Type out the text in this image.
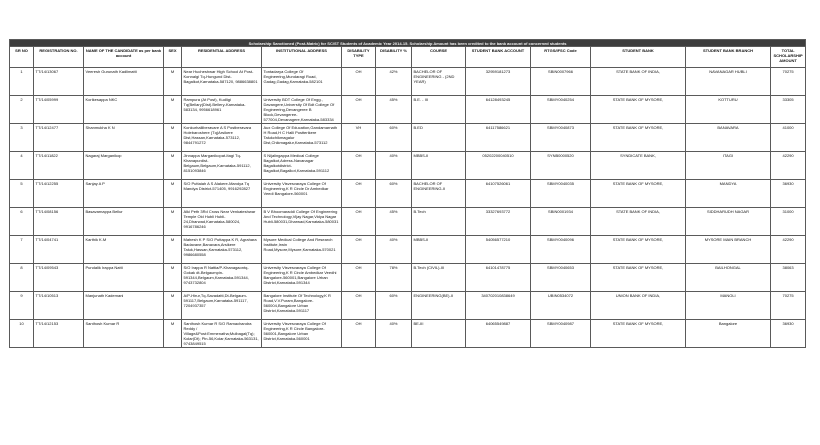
Scholarship Sanctioned (Post-Matric) for SC/ST Students of Academic Year 2014-15. Scholarship Amount has been credited to the bank account of concerned students													
SR NO	REGISTRATION NO.	NAME OF THE CANDIDATE as per bank account	SEX	RESIDENTIAL ADDRESS	INSTITUTIONAL ADDRESS	DISABILITY TYPE	DISABILITY %	COURSE	STUDENT BANK ACCOUNT	RTGS/IFSC Code	STUDENT BANK	STUDENT BANK BRANCH	TOTAL SCHOLARSHIP AMOUNT
1	TT/14/13067	Veeresh Gurunath Kadlimatti	M	Near Hucheshwar High School At Post- Konnalgi Tq-Hungund Dist-Bagalkot,Karnataka-587120, 9886638801	Tontadarya College Of Engineering,Mundaragi Road, Gadag,Gadag,Karnataka-582101	OH	42%	BACHELOR OF ENGINEERING - (2ND YEAR)	32959181273	SBIN0007966	STATE BANK OF INDIA,	NAVANAGAR HUBLI	70275
2	TT/14/05999	Korikesappa NKC	M	Rampura (At Post), Kudligi Tq(Bellary(Dist).Bellery-Karnataka-583134, 9956618961	University BDT College Of Engg., Davangere,University Of Bdt College Of Engineering,Devangeree B Block,Devangeree-577004,Devanagere,Karnataka-583334	OH	45%	B.E. - III	64128493245	SBMY0040254	STATE BANK OF MYSORE,	KOTTURU	33305
3	TT/14/12477	Shanmukha K N	M	Konkurhalliberavare A S Postberavara Holebaroshere (Tq)Arsikere Dist,Hassan,Karnataka-573112, 9844791272	Aux College Of Education,Gandamarnath H Road,H C Halli Postterikere Talukchikmagalur Dist,Chikmagalur,Karnataka-573112	VH	60%	B.ED	64117586621	SBMY0040873	STATE BANK OF MYSORE,	BANAVARA	41000
4	TT/14/11822	Nagaraj Marganikop	M	Jinnappa Marganikopat-Itagi Tq-Khanapurdist-Belgaum,Belgaum,Karnataka-591112, 8151093846	S Nijalingappa Medical College Bagalkot,Adress-Navanagar Bagalkotdistrict-Bagalkot,Bagalkot,Karnataka-591112	OH	40%	MBBS-II	05202200040510	SYNB0000520	SYNDICATE BANK,	ITAGI	42290
5	TT/14/12255	Sanjay A P	M	S/O Puttaiah A S Alakere-Mandya Tq Mandya District-571405, 9916292827	University Visvesvaraya College Of Engineering,K R Circle Dr Ambedkar Veedi Bangalore-560001	OH	60%	BACHELOR OF ENGINEERING-II	64107526061	SBMY0040035	STATE BANK OF MYSORE,	MANDYA	36930
6	TT/14/08156	Basavarnappa Bellur	M	Alki Peth 3Rd Cross Near Venkateshwar Temple Old Hubli Hubli-24,Dharwad,Karnataka-580024, 9916786246	B V Bhoomaraddi College Of Engineering And Technology,Vijay Nagar,Vidya Nagar Hubli-580031,Dharwad,Karnataka-580031	OH	45%	B.Tech	33327693772	SBIN0001934	STATE BANK OF INDIA,	SIDDHARUDH NAGAR	31000
7	TT/14/04741	Karthik K.M	M	Mahesh K P S/O Puttappa K R, Agrahara Badavane,Banavara,Arsikere Taluk,Hassan,Karnataka-573112, 9986680558	Mysore Medical College And Research Institute,Irwin Road,Mysore,Mysore,Karnataka-570021	OH	40%	MBBS-II	54056577210	SBMY0040096	STATE BANK OF MYSORE,	MYSORE MAIN BRANCH	42290
8	TT/14/09543	Pundalik Irappa Natti	M	S/O Irappa R Nattia/P-Khanagaontq-Gokak dt-Belgaumpin-591344,Belgaum,Karnataka-591344, 9743732804	University Visvesvaraya College Of Engineering,K R Circle Ambedkar Veedhi Bangalore-560001,Bangalore Urban District,Karnataka-591344	OH	78%	B.Tech (CIVIL)-III	64101478775	SBMY0040653	STATE BANK OF MYSORE,	BAILHONGAL	38063
9	TT/14/10513	Manjunath Kademani	M	A/P-Hirur,Tq-Savadatti,Dt-Belgaum-591117,Belgaum,Karnataka-591117, 7204937357	Bangalore Institute Of Technology,K R Road,V.V.Puram,Bangalore-560004,Bangalore Urban District,Karnataka-591117	OH	60%	ENGINEERING(BE)-II	340702010838649	UBIN0534072	UNION BANK OF INDIA,	MANOLI	70275
10	TT/14/12153	Santhosh Kumar R	M	Santhosh Kumar R S/O Ramachandra Reddy / Village&Post:Emmenatha;Mulbagal(Tq); Kolar(Dt); Pin-56,Kolar,Karnataka-563131, 9743849515	University Visvesvaraya College Of Engineering,K R Circle Bangalore-560001,Bangalore Urban District,Karnataka-560001	OH	40%	BE-III	64065549887	SBMY0040987	STATE BANK OF MYSORE,	Bangalore	36930
